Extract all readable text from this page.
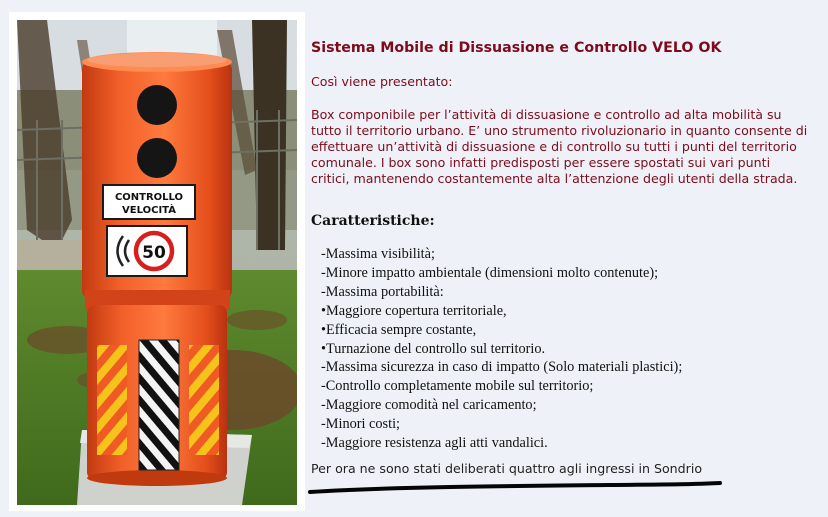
CONTROLLO
VELOCITÀ
50
Sistema Mobile di Dissuasione e Controllo VELO OK
Così viene presentato:
Box componibile per l’attività di dissuasione e controllo ad alta mobilità su tutto il territorio urbano. E’ uno strumento rivoluzionario in quanto consente di effettuare un’attività di dissuasione e di controllo su tutti i punti del territorio comunale. I box sono infatti predisposti per essere spostati sui vari punti critici, mantenendo costantemente alta l’attenzione degli utenti della strada.
Caratteristiche:
-Massima visibilità;
-Minore impatto ambientale (dimensioni molto contenute);
-Massima portabilità:
•Maggiore copertura territoriale,
•Efficacia sempre costante,
•Turnazione del controllo sul territorio.
-Massima sicurezza in caso di impatto (Solo materiali plastici);
-Controllo completamente mobile sul territorio;
-Maggiore comodità nel caricamento;
-Minori costi;
-Maggiore resistenza agli atti vandalici.
Per ora ne sono stati deliberati quattro agli ingressi in Sondrio
